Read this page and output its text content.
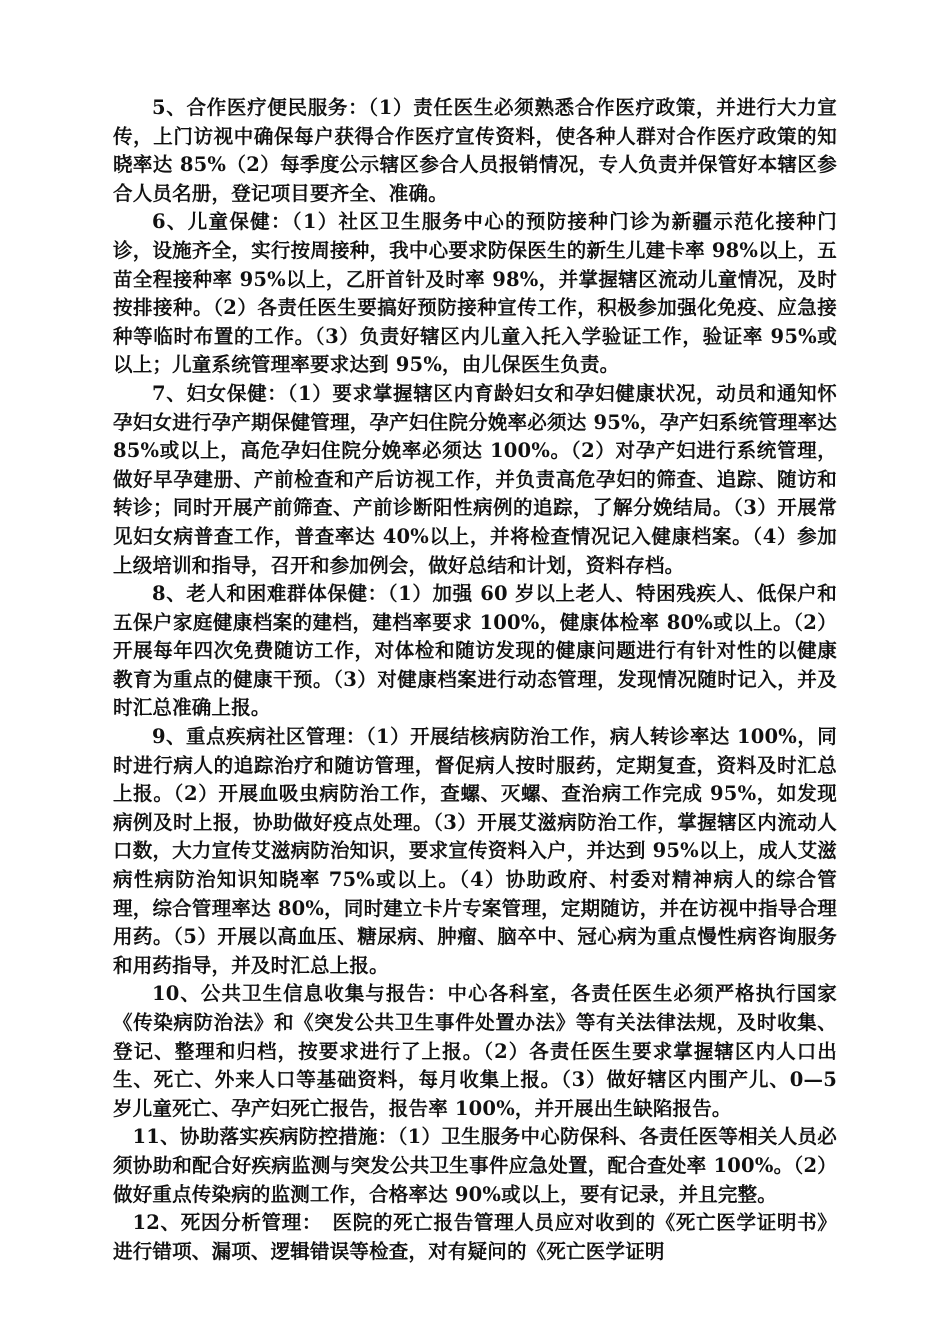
5、合作医疗便民服务：（1）责任医生必须熟悉合作医疗政策，并进行大力宣传，上门访视中确保每户获得合作医疗宣传资料，使各种人群对合作医疗政策的知晓率达 85%（2）每季度公示辖区参合人员报销情况，专人负责并保管好本辖区参合人员名册，登记项目要齐全、准确。

6、儿童保健：（1）社区卫生服务中心的预防接种门诊为新疆示范化接种门诊，设施齐全，实行按周接种，我中心要求防保医生的新生儿建卡率 98%以上，五苗全程接种率 95%以上，乙肝首针及时率 98%，并掌握辖区流动儿童情况，及时按排接种。（2）各责任医生要搞好预防接种宣传工作，积极参加强化免疫、应急接种等临时布置的工作。（3）负责好辖区内儿童入托入学验证工作，验证率 95%或以上；儿童系统管理率要求达到 95%，由儿保医生负责。

7、妇女保健：（1）要求掌握辖区内育龄妇女和孕妇健康状况，动员和通知怀孕妇女进行孕产期保健管理，孕产妇住院分娩率必须达 95%，孕产妇系统管理率达 85%或以上，高危孕妇住院分娩率必须达 100%。（2）对孕产妇进行系统管理，做好早孕建册、产前检查和产后访视工作，并负责高危孕妇的筛查、追踪、随访和转诊；同时开展产前筛查、产前诊断阳性病例的追踪，了解分娩结局。（3）开展常见妇女病普查工作，普查率达 40%以上，并将检查情况记入健康档案。（4）参加上级培训和指导，召开和参加例会，做好总结和计划，资料存档。

8、老人和困难群体保健：（1）加强 60 岁以上老人、特困残疾人、低保户和五保户家庭健康档案的建档，建档率要求 100%，健康体检率 80%或以上。（2）开展每年四次免费随访工作，对体检和随访发现的健康问题进行有针对性的以健康教育为重点的健康干预。（3）对健康档案进行动态管理，发现情况随时记入，并及时汇总准确上报。

9、重点疾病社区管理：（1）开展结核病防治工作，病人转诊率达 100%，同时进行病人的追踪治疗和随访管理，督促病人按时服药，定期复查，资料及时汇总上报。（2）开展血吸虫病防治工作，查螺、灭螺、查治病工作完成 95%，如发现病例及时上报，协助做好疫点处理。（3）开展艾滋病防治工作，掌握辖区内流动人口数，大力宣传艾滋病防治知识，要求宣传资料入户，并达到 95%以上，成人艾滋病性病防治知识知晓率 75%或以上。（4）协助政府、村委对精神病人的综合管理，综合管理率达 80%，同时建立卡片专案管理，定期随访，并在访视中指导合理用药。（5）开展以高血压、糖尿病、肿瘤、脑卒中、冠心病为重点慢性病咨询服务和用药指导，并及时汇总上报。

10、公共卫生信息收集与报告：中心各科室，各责任医生必须严格执行国家《传染病防治法》和《突发公共卫生事件处置办法》等有关法律法规，及时收集、登记、整理和归档，按要求进行了上报。（2）各责任医生要求掌握辖区内人口出生、死亡、外来人口等基础资料，每月收集上报。（3）做好辖区内围产儿、0—5 岁儿童死亡、孕产妇死亡报告，报告率 100%，并开展出生缺陷报告。

11、协助落实疾病防控措施：（1）卫生服务中心防保科、各责任医等相关人员必须协助和配合好疾病监测与突发公共卫生事件应急处置，配合查处率 100%。（2）做好重点传染病的监测工作，合格率达 90%或以上，要有记录，并且完整。

12、死因分析管理：　医院的死亡报告管理人员应对收到的《死亡医学证明书》进行错项、漏项、逻辑错误等检查，对有疑问的《死亡医学证明
